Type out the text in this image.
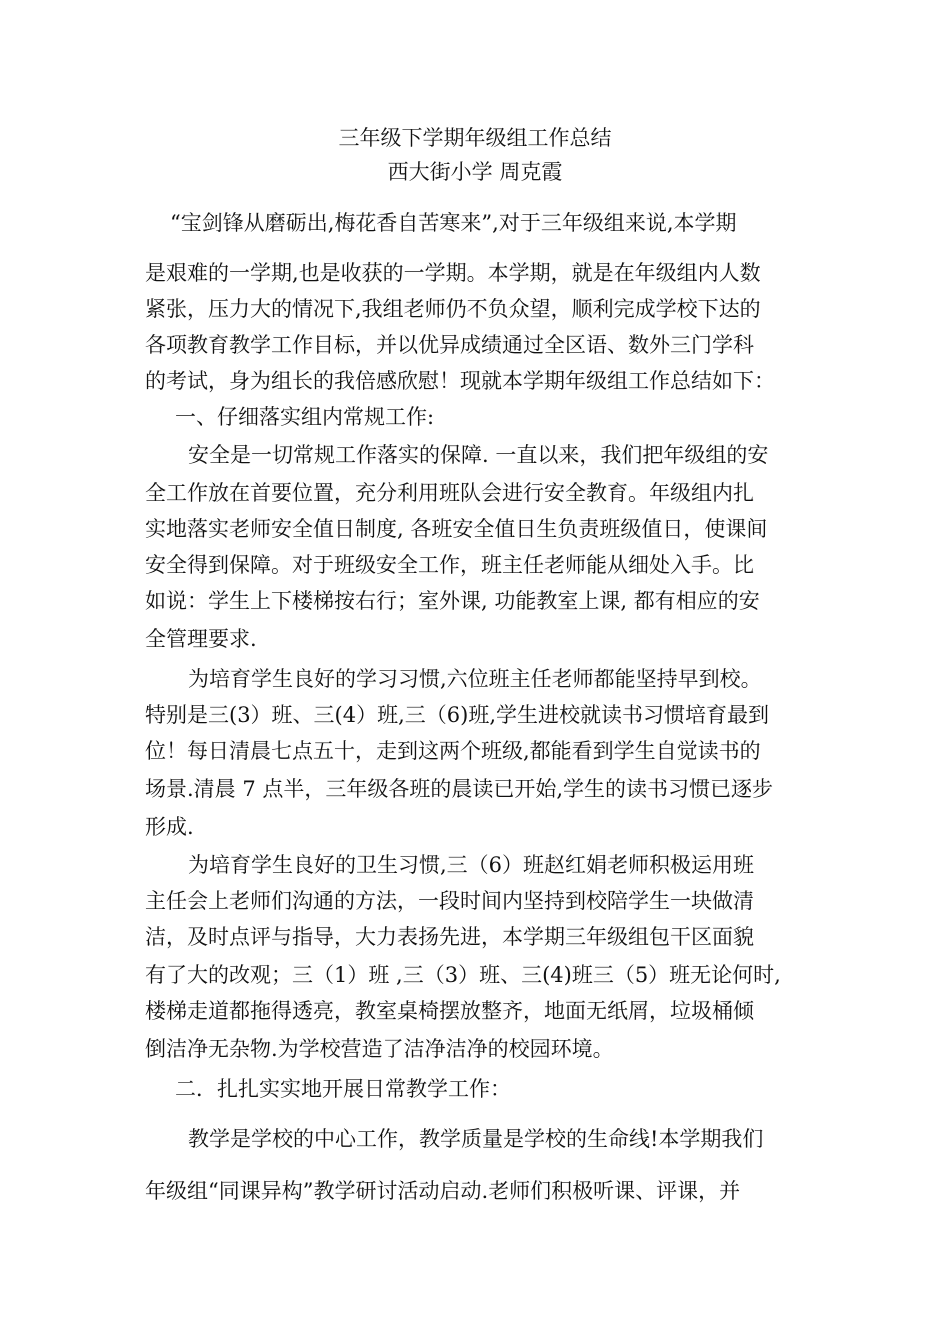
三年级下学期年级组工作总结
西大街小学 周克霞
“宝剑锋从磨砺出,梅花香自苦寒来”,对于三年级组来说,本学期
是艰难的一学期,也是收获的一学期。本学期，就是在年级组内人数
紧张，压力大的情况下,我组老师仍不负众望，顺利完成学校下达的
各项教育教学工作目标，并以优异成绩通过全区语、数外三门学科
的考试，身为组长的我倍感欣慰！现就本学期年级组工作总结如下：
一、仔细落实组内常规工作:
安全是一切常规工作落实的保障. 一直以来，我们把年级组的安
全工作放在首要位置，充分利用班队会进行安全教育。年级组内扎
实地落实老师安全值日制度, 各班安全值日生负责班级值日，使课间
安全得到保障。对于班级安全工作，班主任老师能从细处入手。比
如说：学生上下楼梯按右行；室外课, 功能教室上课, 都有相应的安
全管理要求.
为培育学生良好的学习习惯,六位班主任老师都能坚持早到校。
特别是三(3）班、三(4）班,三（6)班,学生进校就读书习惯培育最到
位！每日清晨七点五十，走到这两个班级,都能看到学生自觉读书的
场景.清晨 7 点半，三年级各班的晨读已开始,学生的读书习惯已逐步
形成.
为培育学生良好的卫生习惯,三（6）班赵红娟老师积极运用班
主任会上老师们沟通的方法，一段时间内坚持到校陪学生一块做清
洁，及时点评与指导，大力表扬先进，本学期三年级组包干区面貌
有了大的改观；三（1）班 ,三（3）班、三(4)班三（5）班无论何时,
楼梯走道都拖得透亮，教室桌椅摆放整齐，地面无纸屑，垃圾桶倾
倒洁净无杂物.为学校营造了洁净洁净的校园环境。
二．扎扎实实地开展日常教学工作：
教学是学校的中心工作，教学质量是学校的生命线!本学期我们
年级组“同课异构”教学研讨活动启动.老师们积极听课、评课，并
